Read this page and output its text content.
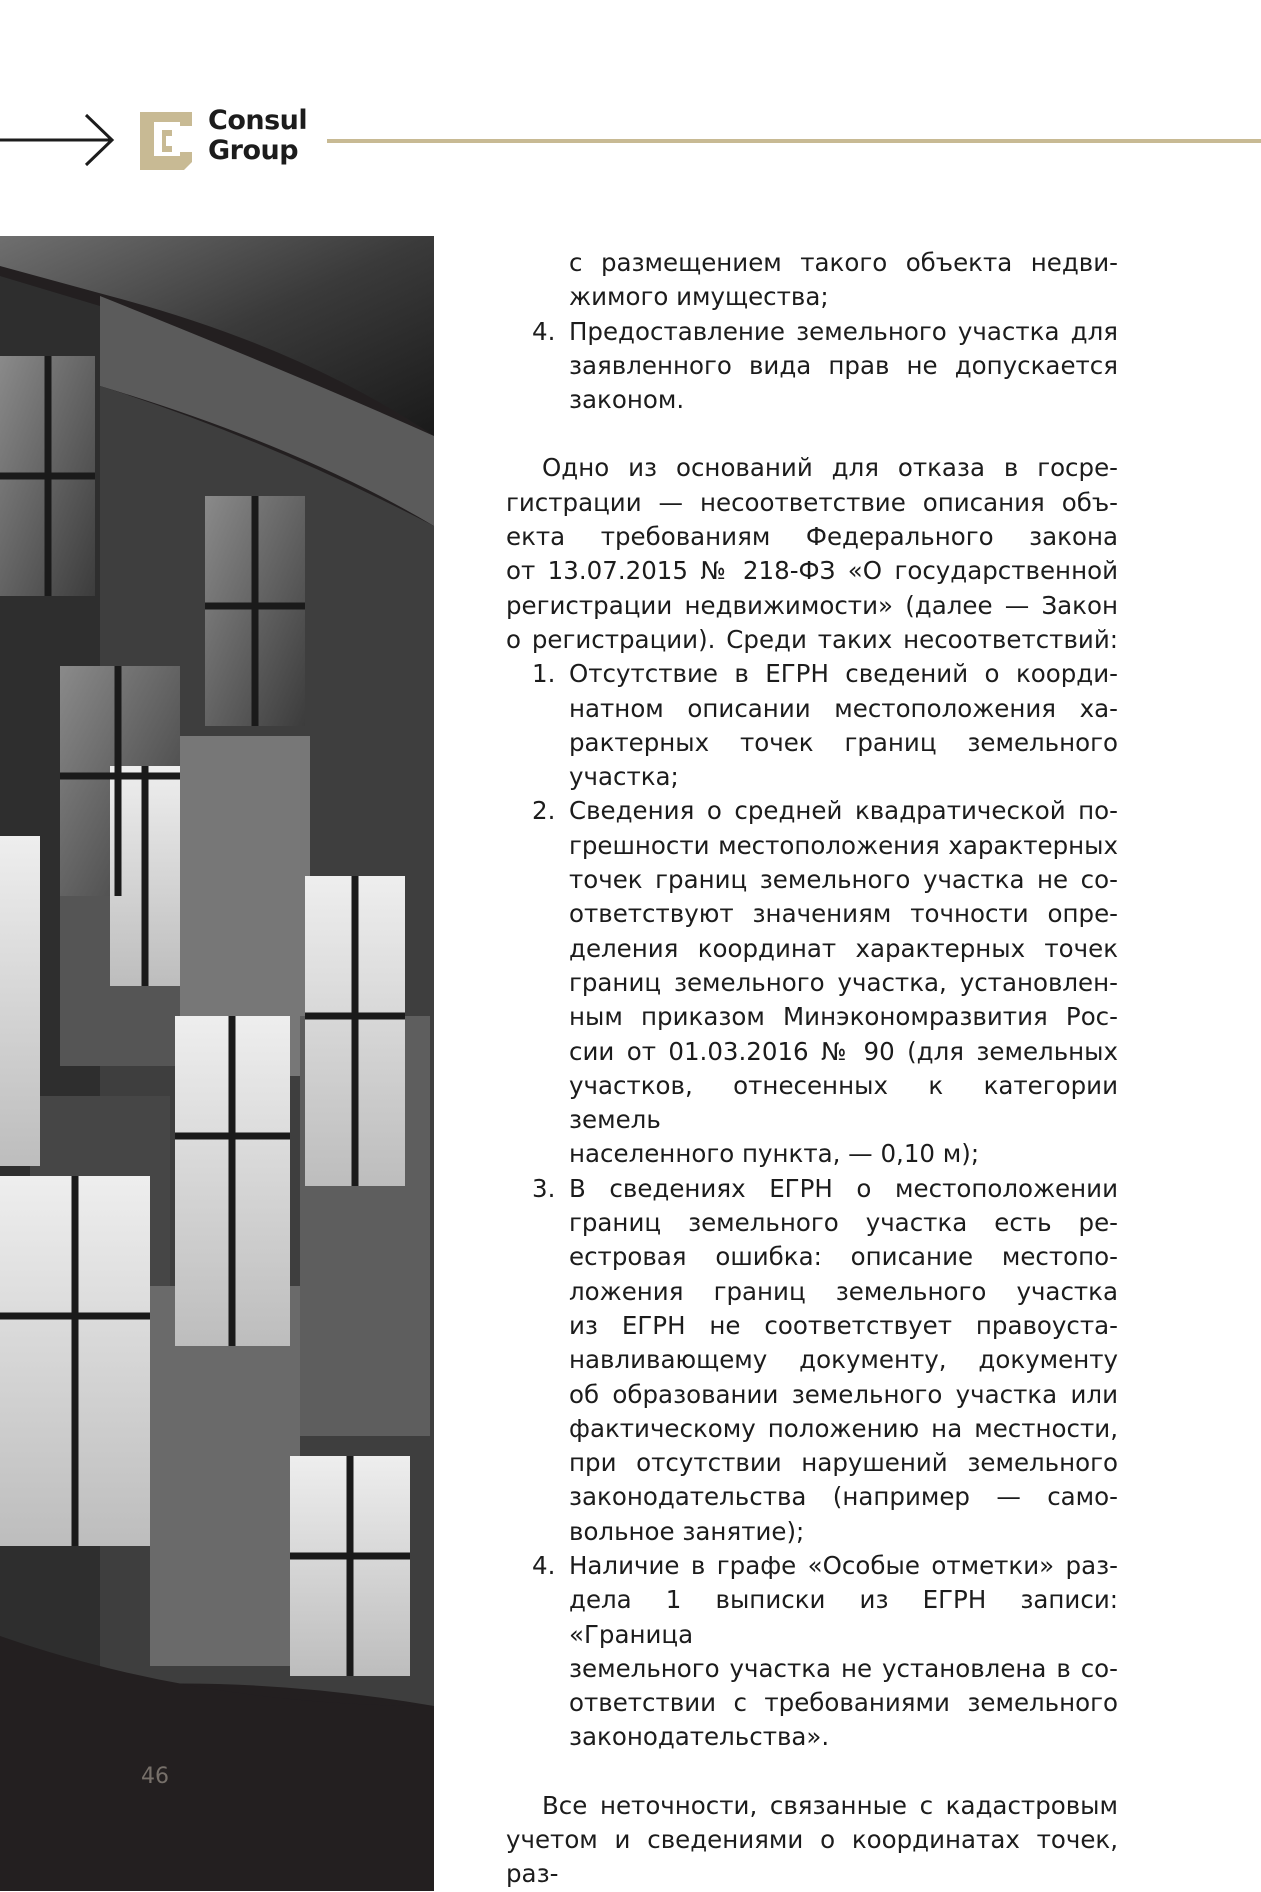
Consul
Group
46

с размещением такого объекта недви-

жимого имущества;

4. Предоставление земельного участка для

заявленного вида прав не допускается

законом.

Одно из оснований для отказа в госре-

гистрации — несоответствие описания объ-

екта требованиям Федерального закона

от 13.07.2015 № 218-ФЗ «О государственной

регистрации недвижимости» (далее — Закон

о регистрации). Среди таких несоответствий:

1. Отсутствие в ЕГРН сведений о коорди-

натном описании местоположения ха-

рактерных точек границ земельного

участка;

2. Сведения о средней квадратической по-

грешности местоположения характерных

точек границ земельного участка не со-

ответствуют значениям точности опре-

деления координат характерных точек

границ земельного участка, установлен-

ным приказом Минэкономразвития Рос-

сии от 01.03.2016 № 90 (для земельных

участков, отнесенных к категории земель

населенного пункта, — 0,10 м);

3. В сведениях ЕГРН о местоположении

границ земельного участка есть ре-

естровая ошибка: описание местопо-

ложения границ земельного участка

из ЕГРН не соответствует правоуста-

навливающему документу, документу

об образовании земельного участка или

фактическому положению на местности,

при отсутствии нарушений земельного

законодательства (например — само-

вольное занятие);

4. Наличие в графе «Особые отметки» раз-

дела 1 выписки из ЕГРН записи: «Граница

земельного участка не установлена в со-

ответствии с требованиями земельного

законодательства».

Все неточности, связанные с кадастровым

учетом и сведениями о координатах точек, раз-
